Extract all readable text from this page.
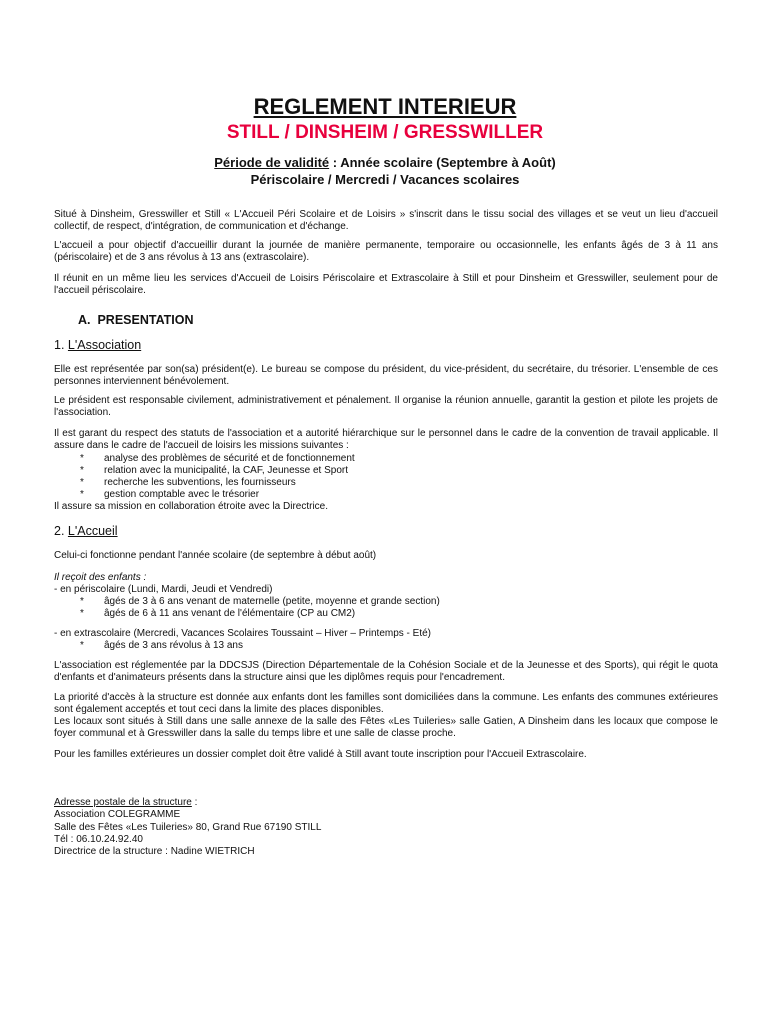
REGLEMENT INTERIEUR
STILL / DINSHEIM / GRESSWILLER
Période de validité : Année scolaire (Septembre à Août)
Périscolaire / Mercredi / Vacances scolaires

Situé à Dinsheim, Gresswiller et Still « L'Accueil Péri Scolaire et de Loisirs » s'inscrit dans le tissu social des villages et se veut un lieu d'accueil collectif, de respect, d'intégration, de communication et d'échange.

L'accueil a pour objectif d'accueillir durant la journée de manière permanente, temporaire ou occasionnelle, les enfants âgés de 3 à 11 ans (périscolaire) et de 3 ans révolus à 13 ans (extrascolaire).

Il réunit en un même lieu les services d'Accueil de Loisirs Périscolaire et Extrascolaire à Still et pour Dinsheim et Gresswiller, seulement pour de l'accueil périscolaire.

A. PRESENTATION
1. L'Association

Elle est représentée par son(sa) président(e). Le bureau se compose du président, du vice-président, du secrétaire, du trésorier. L'ensemble de ces personnes interviennent bénévolement.

Le président est responsable civilement, administrativement et pénalement. Il organise la réunion annuelle, garantit la gestion et pilote les projets de l'association.

Il est garant du respect des statuts de l'association et a autorité hiérarchique sur le personnel dans le cadre de la convention de travail applicable. Il assure dans le cadre de l'accueil de loisirs les missions suivantes :

* analyse des problèmes de sécurité et de fonctionnement
* relation avec la municipalité, la CAF, Jeunesse et Sport
* recherche les subventions, les fournisseurs
* gestion comptable avec le trésorier

Il assure sa mission en collaboration étroite avec la Directrice.

2. L'Accueil

Celui-ci fonctionne pendant l'année scolaire (de septembre à début août)

Il reçoit des enfants :

- en périscolaire (Lundi, Mardi, Jeudi et Vendredi)

* âgés de 3 à 6 ans venant de maternelle (petite, moyenne et grande section)
* âgés de 6 à 11 ans venant de l'élémentaire (CP au CM2)

- en extrascolaire (Mercredi, Vacances Scolaires Toussaint – Hiver – Printemps - Eté)

* âgés de 3 ans révolus à 13 ans

L'association est réglementée par la DDCSJS (Direction Départementale de la Cohésion Sociale et de la Jeunesse et des Sports), qui régit le quota d'enfants et d'animateurs présents dans la structure ainsi que les diplômes requis pour l'encadrement.

La priorité d'accès à la structure est donnée aux enfants dont les familles sont domiciliées dans la commune. Les enfants des communes extérieures sont également acceptés et tout ceci dans la limite des places disponibles.

Les locaux sont situés à Still dans une salle annexe de la salle des Fêtes «Les Tuileries» salle Gatien, A Dinsheim dans les locaux que compose le foyer communal et à Gresswiller dans la salle du temps libre et une salle de classe proche.

Pour les familles extérieures un dossier complet doit être validé à Still avant toute inscription pour l'Accueil Extrascolaire.

Adresse postale de la structure :

Association COLEGRAMME

Salle des Fêtes «Les Tuileries» 80, Grand Rue 67190 STILL

Tél : 06.10.24.92.40

Directrice de la structure : Nadine WIETRICH
